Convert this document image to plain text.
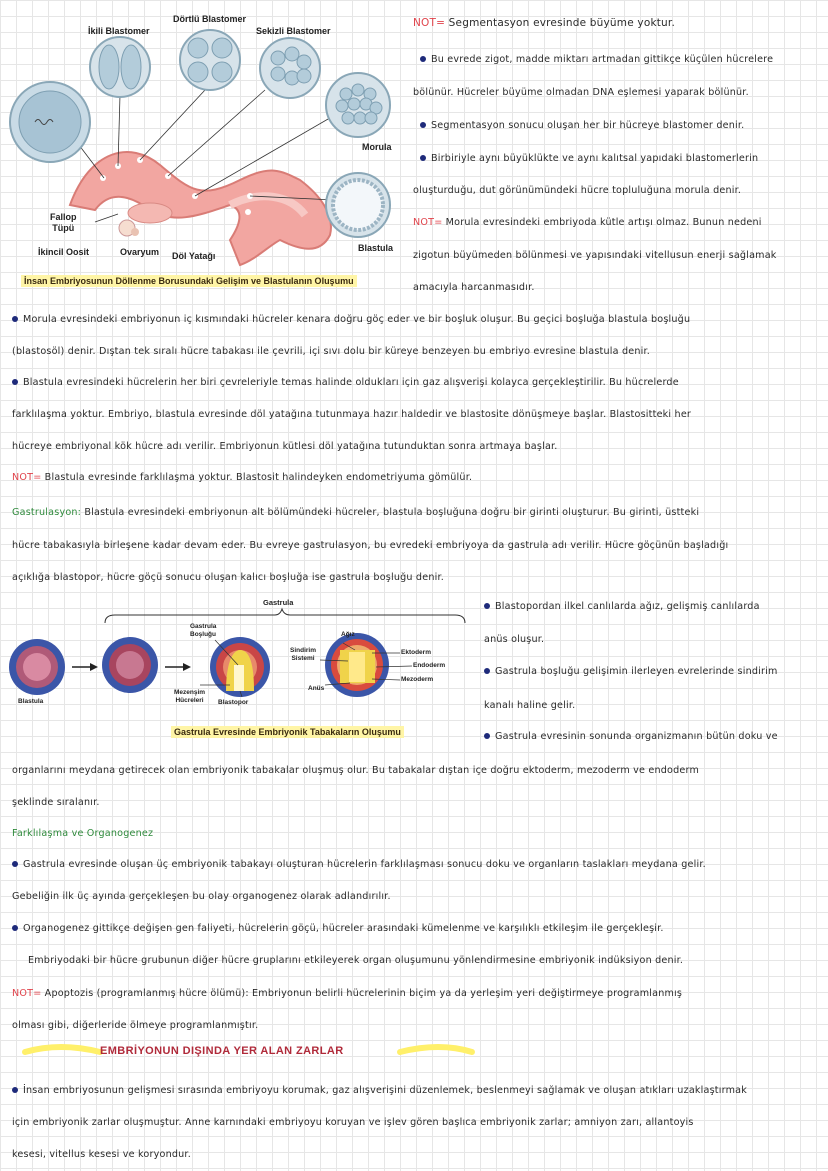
İkili Blastomer
Dörtlü Blastomer
Sekizli Blastomer
Morula
Blastula
Fallop
Tüpü
İkincil Oosit	Ovaryum Döl Yatağı
İnsan Embriyosunun Döllenme Borusundaki Gelişim ve Blastulanın Oluşumu
NOT= Segmentasyon evresinde büyüme yoktur.
Bu evrede zigot, madde miktarı artmadan gittikçe küçülen hücrelere
bölünür. Hücreler büyüme olmadan DNA eşlemesi yaparak bölünür.
Segmentasyon sonucu oluşan her bir hücreye blastomer denir.
Birbiriyle aynı büyüklükte ve aynı kalıtsal yapıdaki blastomerlerin
oluşturduğu, dut görünümündeki hücre topluluğuna morula denir.
NOT= Morula evresindeki embriyoda kütle artışı olmaz. Bunun nedeni
zigotun büyümeden bölünmesi ve yapısındaki vitellusun enerji sağlamak
amacıyla harcanmasıdır.
Morula evresindeki embriyonun iç kısmındaki hücreler kenara doğru göç eder ve bir boşluk oluşur. Bu geçici boşluğa blastula boşluğu
(blastosöl) denir. Dıştan tek sıralı hücre tabakası ile çevrili, içi sıvı dolu bir küreye benzeyen bu embriyo evresine blastula denir.
Blastula evresindeki hücrelerin her biri çevreleriyle temas halinde oldukları için gaz alışverişi kolayca gerçekleştirilir. Bu hücrelerde
farklılaşma yoktur. Embriyo, blastula evresinde döl yatağına tutunmaya hazır haldedir ve blastosite dönüşmeye başlar. Blastositteki her
hücreye embriyonal kök hücre adı verilir. Embriyonun kütlesi döl yatağına tutunduktan sonra artmaya başlar.
NOT= Blastula evresinde farklılaşma yoktur. Blastosit halindeyken endometriyuma gömülür.
Gastrulasyon: Blastula evresindeki embriyonun alt bölümündeki hücreler, blastula boşluğuna doğru bir girinti oluşturur. Bu girinti, üstteki
hücre tabakasıyla birleşene kadar devam eder. Bu evreye gastrulasyon, bu evredeki embriyoya da gastrula adı verilir. Hücre göçünün başladığı
açıklığa blastopor, hücre göçü sonucu oluşan kalıcı boşluğa ise gastrula boşluğu denir.
Gastrula
Gastrula
Boşluğu
Blastula
Mezenşim
Hücreleri Blastopor
Ağız
Sindirim
Sistemi
Anüs
Ektoderm
Endoderm
Mezoderm
Gastrula Evresinde Embriyonik Tabakaların Oluşumu
Blastopordan ilkel canlılarda ağız, gelişmiş canlılarda
anüs oluşur.
Gastrula boşluğu gelişimin ilerleyen evrelerinde sindirim
kanalı haline gelir.
Gastrula evresinin sonunda organizmanın bütün doku ve
organlarını meydana getirecek olan embriyonik tabakalar oluşmuş olur. Bu tabakalar dıştan içe doğru ektoderm, mezoderm ve endoderm
şeklinde sıralanır.
Farklılaşma ve Organogenez
Gastrula evresinde oluşan üç embriyonik tabakayı oluşturan hücrelerin farklılaşması sonucu doku ve organların taslakları meydana gelir.
Gebeliğin ilk üç ayında gerçekleşen bu olay organogenez olarak adlandırılır.
Organogenez gittikçe değişen gen faliyeti, hücrelerin göçü, hücreler arasındaki kümelenme ve karşılıklı etkileşim ile gerçekleşir.
Embriyodaki bir hücre grubunun diğer hücre gruplarını etkileyerek organ oluşumunu yönlendirmesine embriyonik indüksiyon denir.
NOT= Apoptozis (programlanmış hücre ölümü): Embriyonun belirli hücrelerinin biçim ya da yerleşim yeri değiştirmeye programlanmış
olması gibi, diğerleride ölmeye programlanmıştır.
EMBRİYONUN DIŞINDA YER ALAN ZARLAR
İnsan embriyosunun gelişmesi sırasında embriyoyu korumak, gaz alışverişini düzenlemek, beslenmeyi sağlamak ve oluşan atıkları uzaklaştırmak
için embriyonik zarlar oluşmuştur. Anne karnındaki embriyoyu koruyan ve işlev gören başlıca embriyonik zarlar; amniyon zarı, allantoyis
kesesi, vitellus kesesi ve koryondur.
